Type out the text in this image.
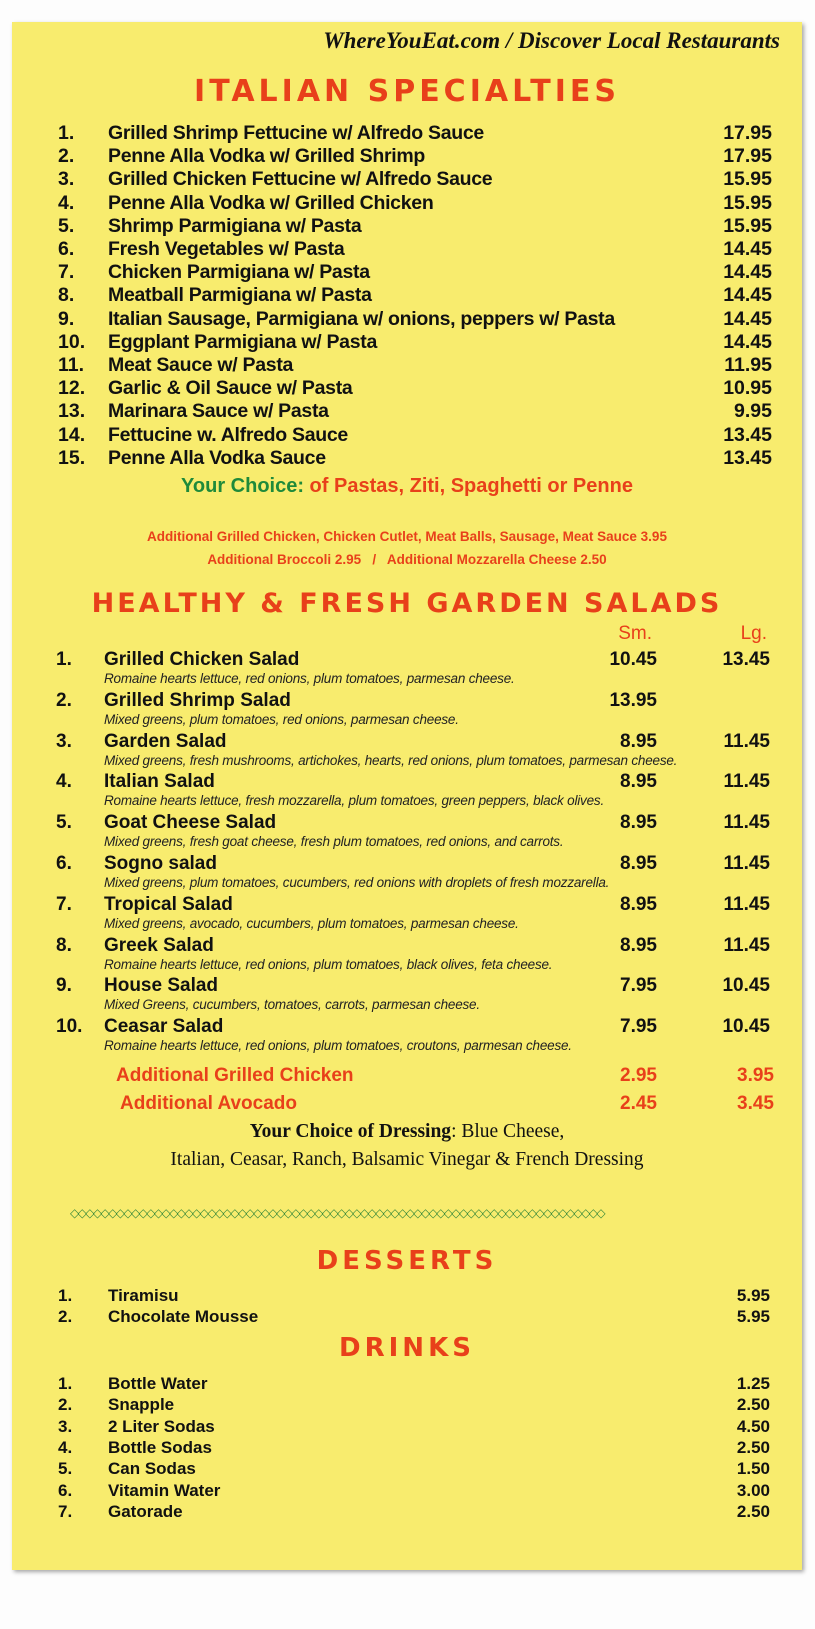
WhereYouEat.com / Discover Local Restaurants
ITALIAN SPECIALTIES
1. Grilled Shrimp Fettucine w/ Alfredo Sauce	17.95
2. Penne Alla Vodka w/ Grilled Shrimp	17.95
3. Grilled Chicken Fettucine w/ Alfredo Sauce	15.95
4. Penne Alla Vodka w/ Grilled Chicken	15.95
5. Shrimp Parmigiana w/ Pasta	15.95
6. Fresh Vegetables w/ Pasta	14.45
7. Chicken Parmigiana w/ Pasta	14.45
8. Meatball Parmigiana w/ Pasta	14.45
9. Italian Sausage, Parmigiana w/ onions, peppers w/ Pasta	14.45
10. Eggplant Parmigiana w/ Pasta	14.45
11. Meat Sauce w/ Pasta	11.95
12. Garlic & Oil Sauce w/ Pasta	10.95
13. Marinara Sauce w/ Pasta	9.95
14. Fettucine w. Alfredo Sauce	13.45
15. Penne Alla Vodka Sauce	13.45
Your Choice: of Pastas, Ziti, Spaghetti or Penne
Additional Grilled Chicken, Chicken Cutlet, Meat Balls, Sausage, Meat Sauce 3.95
Additional Broccoli 2.95   /   Additional Mozzarella Cheese 2.50
HEALTHY & FRESH GARDEN SALADS
Sm.	Lg.
1. Grilled Chicken Salad	10.45	13.45
Romaine hearts lettuce, red onions, plum tomatoes, parmesan cheese.
2. Grilled Shrimp Salad	13.95
Mixed greens, plum tomatoes, red onions, parmesan cheese.
3. Garden Salad	8.95	11.45
Mixed greens, fresh mushrooms, artichokes, hearts, red onions, plum tomatoes, parmesan cheese.
4. Italian Salad	8.95	11.45
Romaine hearts lettuce, fresh mozzarella, plum tomatoes, green peppers, black olives.
5. Goat Cheese Salad	8.95	11.45
Mixed greens, fresh goat cheese, fresh plum tomatoes, red onions, and carrots.
6. Sogno salad	8.95	11.45
Mixed greens, plum tomatoes, cucumbers, red onions with droplets of fresh mozzarella.
7. Tropical Salad	8.95	11.45
Mixed greens, avocado, cucumbers, plum tomatoes, parmesan cheese.
8. Greek Salad	8.95	11.45
Romaine hearts lettuce, red onions, plum tomatoes, black olives, feta cheese.
9. House Salad	7.95	10.45
Mixed Greens, cucumbers, tomatoes, carrots, parmesan cheese.
10. Ceasar Salad	7.95	10.45
Romaine hearts lettuce, red onions, plum tomatoes, croutons, parmesan cheese.
Additional Grilled Chicken	2.95	3.95
Additional Avocado	2.45	3.45
Your Choice of Dressing: Blue Cheese,
Italian, Ceasar, Ranch, Balsamic Vinegar & French Dressing
◇◇◇◇◇◇◇◇◇◇◇◇◇◇◇◇◇◇◇◇◇◇◇◇◇◇◇◇◇◇◇◇◇◇◇◇◇◇◇◇◇◇◇◇◇◇◇◇◇◇◇◇◇◇◇◇◇◇◇◇◇◇◇◇◇◇◇◇◇◇
DESSERTS
1. Tiramisu	5.95
2. Chocolate Mousse	5.95
DRINKS
1. Bottle Water	1.25
2. Snapple	2.50
3. 2 Liter Sodas	4.50
4. Bottle Sodas	2.50
5. Can Sodas	1.50
6. Vitamin Water	3.00
7. Gatorade	2.50
